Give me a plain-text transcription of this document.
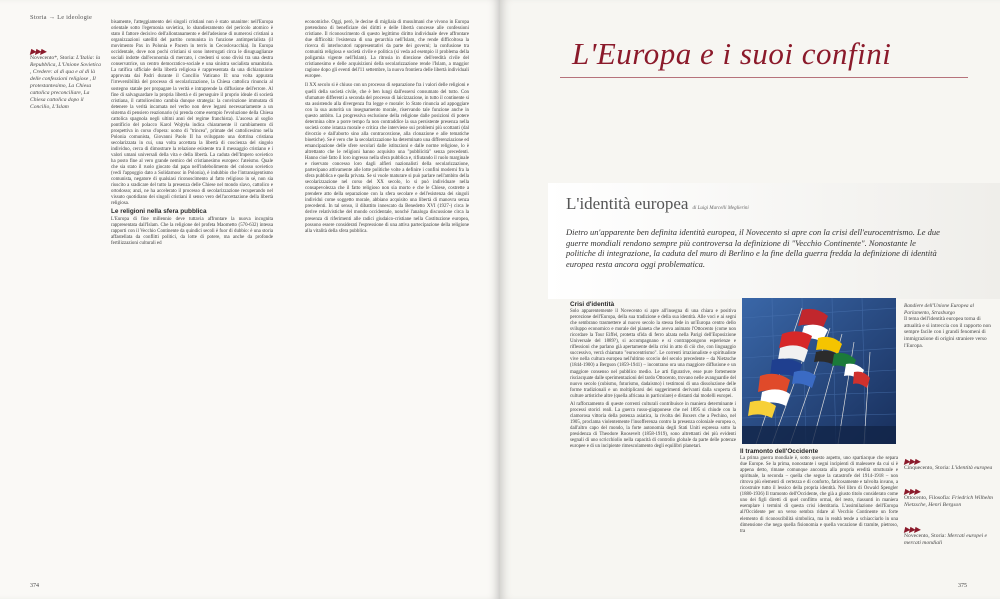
Storia → Le ideologie
▶▶▶
Novecento*, Storia: L'Italia: la Repubblica, L'Unione Sovietica , Credere: al di qua e al di là delle confessioni religiose , Il protestantesimo, La Chiesa cattolica preconciliare, La Chiesa cattolica dopo il Concilio, L'Islam

bisamente, l'atteggiamento dei singoli cristiani non è stato unanime: nell'Europa orientale sotto l'egemonia sovietica, lo sbandieramento del pericolo atomico è stato il fattore decisivo dell'allontanamento e dell'adesione di numerosi cristiani a organizzazioni satelliti del partito comunista in funzione antimperialista (il movimento Pax in Polonia e Pacem in terris in Cecoslovacchia). In Europa occidentale, dove non pochi cristiani si sono interrogati circa le disuguaglianze sociali indotte dall'economia di mercato, i credenti si sono divisi tra una destra conservatrice, un centro democratico-sociale e una sinistra socialista umanitaria. La ratifica ufficiale della libertà religiosa è rappresentata da una dichiarazione approvata dai Padri durante il Concilio Vaticano II: una volta appurata l'irreversibilità del processo di secolarizzazione, la Chiesa cattolica rinuncia al sostegno statale per propagare la verità e intraprende la diffusione dell'errore. Al fine di salvaguardare la propria libertà e di perseguire il proprio ideale di società cristiana, il cattolicesimo cambia dunque strategia: la convinzione immutata di detenere la verità incarnata nel verbo non deve legarsi necessariamente a un sistema di pensiero reazionario (si prenda come esempio l'evoluzione della Chiesa cattolica spagnola negli ultimi anni del regime franchista). L'ascesa al soglio pontificio del polacco Karol Wojtyła indica chiaramente il cambiamento di prospettiva in corso d'opera: uomo di "trincea", primate del cattolicesimo nella Polonia comunista, Giovanni Paolo II ha sviluppato una dottrina cristiana secolarizzata in cui, una volta accettata la libertà di coscienza del singolo individuo, cerca di dimostrare la relazione esistente tra il messaggio cristiano e i valori umani universali della vita e della libertà. La caduta dell'Impero sovietico ha posto fine al vero grande nemico del cristianesimo europeo: l'ateismo. Quale che sia stato il ruolo giocato dal papa nell'indebolimento del colosso sovietico (vedi l'appoggio dato a Solidarnosc in Polonia), è indubbio che l'intransigentismo comunista, negatore di qualsiasi riconoscimento al fatto religioso in sé, non sia riuscito a sradicare del tutto la presenza delle Chiese nel mondo slavo, cattolico e ortodosso; anzi, ne ha accelerato il processo di secolarizzazione recuperando nel vissuto quotidiano dei singoli cristiani il senso vero dell'accettazione della libertà religiosa.

Le religioni nella sfera pubblica

L'Europa di fine millennio deve tuttavia affrontare la nuova incognita rappresentata dall'Islam. Che la religione del profeta Maometto (570-632) intessa rapporti con il Vecchio Continente da quindici secoli è fuor di dubbio: è una storia affastellata da conflitti politici, da lotte di potere, ma anche da profonde fertilizzazioni culturali ed

economiche. Oggi, però, le decine di migliaia di musulmani che vivono in Europa pretendono di beneficiare dei diritti e delle libertà concesse alle confessioni cristiane. Il riconoscimento di questo legittimo diritto individuale deve affrontare due difficoltà: l'esistenza di una gerarchia nell'Islam, che rende difficoltosa la ricerca di interlocutori rappresentativi da parte dei governi; la confusione tra comunità religiosa e società civile e politica (si veda ad esempio il problema della poligamia vigente nell'Islam). La ritrosia in direzione dell'eredità civile del cristianesimo e delle acquisizioni della secolarizzazione rende l'Islam, a maggior ragione dopo gli eventi dell'11 settembre, la nuova frontiera delle libertà individuali europee.

Il XX secolo si è chiuso con un processo di separazione fra i valori delle religioni e quelli della società civile, che è ben lungi dall'essersi consumato del tutto. Con sfumature differenti a seconda del processo di laicizzazione, in tutto il continente si sta assistendo alla divergenza fra legge e morale: lo Stato rinuncia ad appoggiare con la sua autorità un insegnamento morale, riservando tale funzione anche in questo ambito. La progressiva esclusione della religione dalle posizioni di potere determina oltre a porre tempo fa non contraddice la sua persistente presenza nella società come istanza morale e critica che interviene sui problemi più scottanti (dal divorzio e dall'aborto sino alla contraccezione, alla clonazione e alle tematiche bioetiche). Se è vero che la secolarizzazione ha determinato una differenziazione ed emancipazione delle sfere secolari dalle istituzioni e dalle norme religiose, lo è altrettanto che le religioni hanno acquisito una "pubblicità" senza precedenti. Hanno cioè fatto il loro ingresso nella sfera pubblica e, rifiutando il ruolo marginale e riservato concesso loro dagli alfieri nazionalisti della secolarizzazione, partecipano attivamente alle lotte politiche volte a definire i confini moderni fra la sfera pubblica e quella privata. Se si vuole maturare si può parlare nell'ambito della secolarizzazione nel corso del XX secolo, lo si può individuare nella consapevolezza che il fatto religioso non sia morto e che le Chiese, costrette a prendere atto della separazione con la sfera secolare e dell'esistenza dei singoli individui come soggetto morale, abbiano acquisito una libertà di manovra senza precedenti. In tal senso, il dibattito innescato da Benedetto XVI (1927-) circa le derive relativistiche del mondo occidentale, nonché l'analoga discussione circa la presenza di riferimenti alle radici giudaico-cristiane nella Costituzione europea, possono essere considerati l'espressione di una attiva partecipazione della religione alla vitalità della sfera pubblica.

374
L'Europa e i suoi confini
L'identità europea di Luigi Marcelli Meglierini
Dietro un'apparente ben definita identità europea, il Novecento si apre con la crisi dell'eurocentrismo. Le due guerre mondiali rendono sempre più controversa la definizione di "Vecchio Continente". Nonostante le politiche di integrazione, la caduta del muro di Berlino e la fine della guerra fredda la definizione di identità europea resta ancora oggi problematica.
Crisi d'identità

Solo apparentemente il Novecento si apre all'insegna di una chiara e positiva percezione dell'Europa, della sua tradizione e della sua identità. Alle voci e ai segni che sembrano trasmettere al nuovo secolo la stessa fede in un'Europa centro dello sviluppo economico e morale del pianeta che aveva animato l'Ottocento (come non ricordare la Tour Eiffel, protetta sfida di ferro alzata nella Parigi dell'Esposizione Universale del 1889?), si accompagnano e si contrappongono esperienze e riflessioni che parlano già apertamente della crisi in atto di ciò che, con linguaggio successivo, verrà chiamato "eurocentrismo". Le correnti irrazionaliste e spiritualiste vive nella cultura europea nell'ultimo scorcio del secolo precedente – da Nietzsche (1844-1900) a Bergson (1859-1941) – incontrano ora una maggiore diffusione e un maggiore consenso nel pubblico medio. Le arti figurative, esse pure fortemente risciacquate dalle sperimentazioni del tardo Ottocento, trovano nelle avanguardie del nuovo secolo (cubismo, futurismo, dadaismo) i testimoni di una dissoluzione delle forme tradizionali e un moltiplicarsi dei suggerimenti derivanti dalla scoperta di culture artistiche altre (quella africana in particolare) e distanti dai modelli europei.

Al rafforzamento di queste correnti culturali contribuisce in maniera determinante i processi storici reali. La guerra russo-giapponese che nel 1895 si chiude con la clamorosa vittoria della potenza asiatica, la rivolta dei Boxers che a Pechino, nel 1905, proclama violentemente l'insofferenza contro la presenza coloniale europea o, dall'altro capo del mondo, la forte autonomia degli Stati Uniti espressa sotto la presidenza di Theodore Roosevelt (1858-1919), sono altrettanti dei più evidenti segnali di uno scricchiolio nella capacità di controllo globale da parte delle potenze europee e di un incipiente rimescolamento degli equilibri planetari.

Bandiere dell'Unione Europea al Parlamento, Strasburgo
Il tema dell'identità europea torna di attualità e si intreccia con il rapporto non sempre facile con i grandi fenomeni di immigrazione di origini straniere verso l'Europa.
Il tramonto dell'Occidente

La prima guerra mondiale è, sotto questo aspetto, uno spartiacque che separa due Europe. Se la prima, nonostante i segni incipienti di malessere da cui si è appena detto, rimane comunque ancorata alla propria eredità strutturale e spirituale, la seconda – quella che segue la catastrofe del 1914-1918 – non ritrova più elementi di certezza e di conforto, faticosamente e talvolta invano, a ricostruire tutto il lessico della propria identità. Nel libro di Oswald Spengler (1880-1936) Il tramonto dell'Occidente, che già a giusto titolo considerato come uno dei figli diretti di quel conflitto ormai, del resto, riassunti in maniera esemplare i termini di questa crisi identitaria. L'assimilazione dell'Europa all'Occidente per un verso sembra ridare al Vecchio Continente un forte elemento di riconoscibilità simbolica, ma in realtà tende a schiacciarlo in una dimensione che nega quella fisionomia e quella vocazione di tramite, pietroso, tra

▶▶▶
Cinquecento, Storia: L'identità europea
▶▶▶
Ottocento, Filosofia: Friedrich Wilhelm Nietzsche, Henri Bergson
▶▶▶
Novecento, Storia: Mercati europei e mercati mondiali
375
